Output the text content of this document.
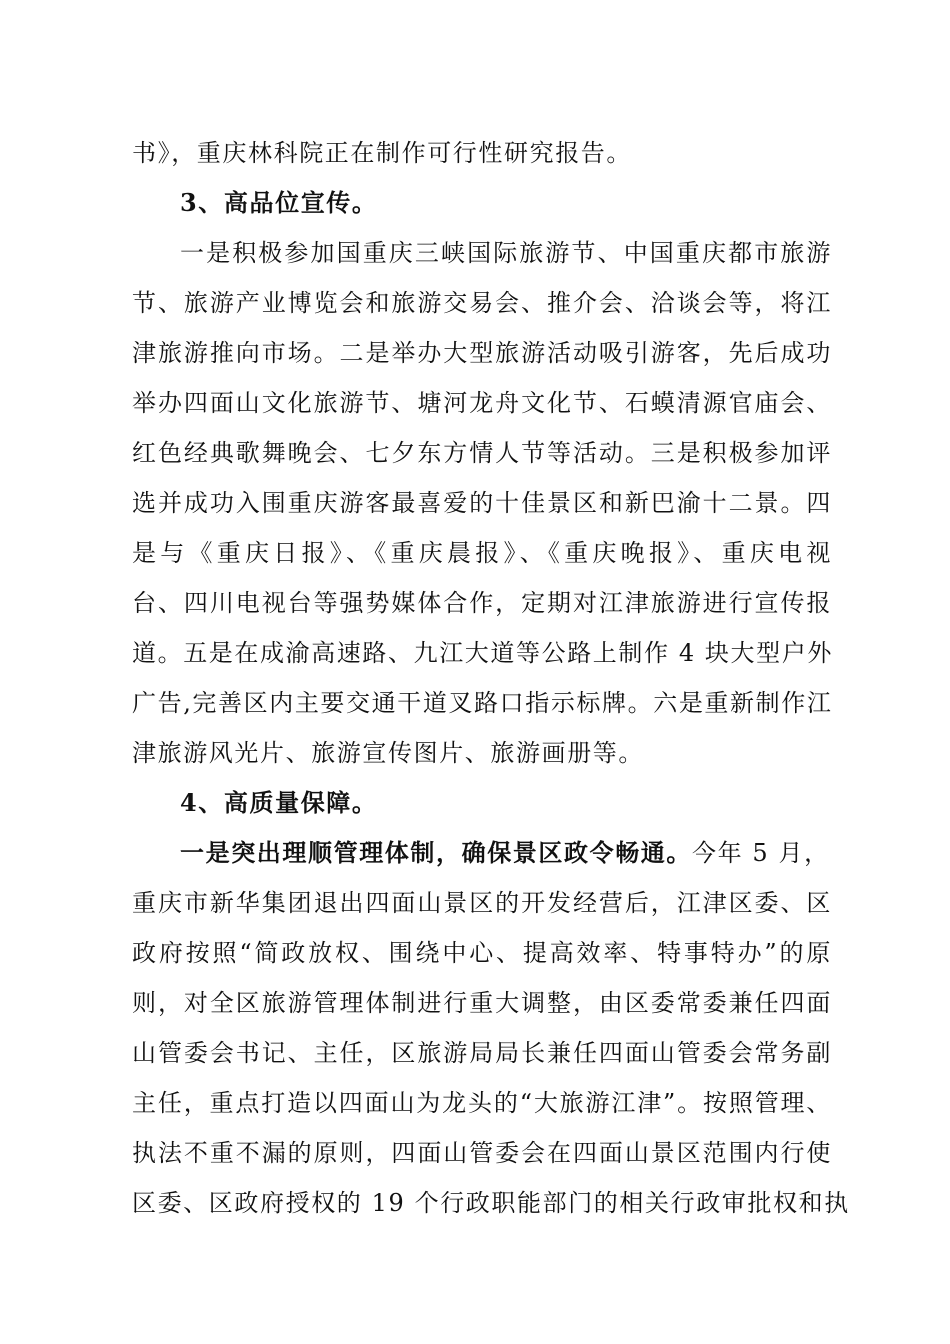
书》，重庆林科院正在制作可行性研究报告。
3、高品位宣传。
一是积极参加国重庆三峡国际旅游节、中国重庆都市旅游
节、旅游产业博览会和旅游交易会、推介会、洽谈会等，将江
津旅游推向市场。二是举办大型旅游活动吸引游客，先后成功
举办四面山文化旅游节、塘河龙舟文化节、石蟆清源官庙会、
红色经典歌舞晚会、七夕东方情人节等活动。三是积极参加评
选并成功入围重庆游客最喜爱的十佳景区和新巴渝十二景。四
是与《重庆日报》、《重庆晨报》、《重庆晚报》、重庆电视
台、四川电视台等强势媒体合作，定期对江津旅游进行宣传报
道。五是在成渝高速路、九江大道等公路上制作 4 块大型户外
广告,完善区内主要交通干道叉路口指示标牌。六是重新制作江
津旅游风光片、旅游宣传图片、旅游画册等。
4、高质量保障。
一是突出理顺管理体制，确保景区政令畅通。今年 5 月，
重庆市新华集团退出四面山景区的开发经营后，江津区委、区
政府按照“简政放权、围绕中心、提高效率、特事特办”的原
则，对全区旅游管理体制进行重大调整，由区委常委兼任四面
山管委会书记、主任，区旅游局局长兼任四面山管委会常务副
主任，重点打造以四面山为龙头的“大旅游江津”。按照管理、
执法不重不漏的原则，四面山管委会在四面山景区范围内行使
区委、区政府授权的 19 个行政职能部门的相关行政审批权和执
